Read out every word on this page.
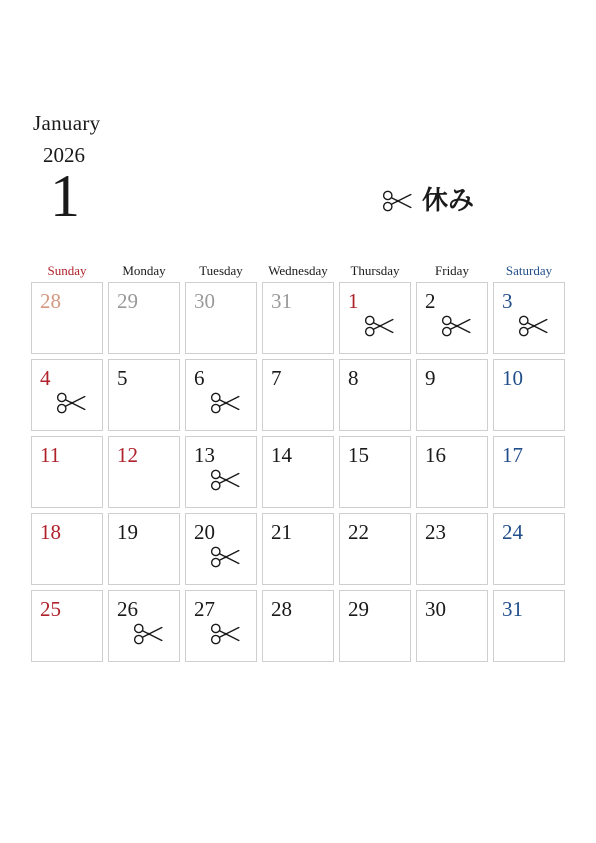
January
2026
1	休み
Sunday	Monday	Tuesday	Wednesday	Thursday	Friday	Saturday
28	29	30	31	1	2	3
4	5	6	7	8	9	10
11	12	13	14	15	16	17
18	19	20	21	22	23	24
25	26	27	28	29	30	31
